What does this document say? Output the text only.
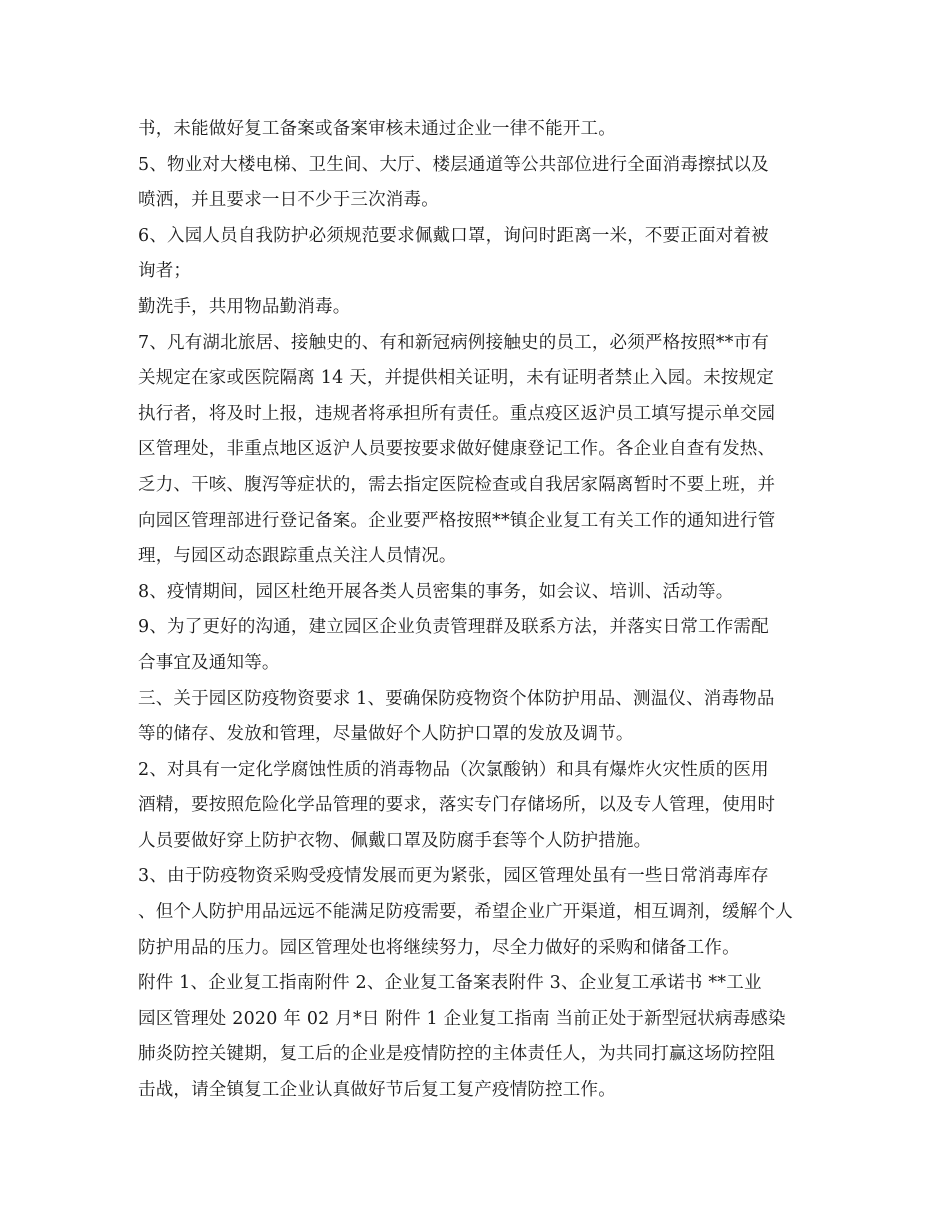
书，未能做好复工备案或备案审核未通过企业一律不能开工。
5、物业对大楼电梯、卫生间、大厅、楼层通道等公共部位进行全面消毒擦拭以及
喷洒，并且要求一日不少于三次消毒。
6、入园人员自我防护必须规范要求佩戴口罩，询问时距离一米，不要正面对着被
询者；
勤洗手，共用物品勤消毒。
7、凡有湖北旅居、接触史的、有和新冠病例接触史的员工，必须严格按照**市有
关规定在家或医院隔离 14 天，并提供相关证明，未有证明者禁止入园。未按规定
执行者，将及时上报，违规者将承担所有责任。重点疫区返沪员工填写提示单交园
区管理处，非重点地区返沪人员要按要求做好健康登记工作。各企业自查有发热、
乏力、干咳、腹泻等症状的，需去指定医院检查或自我居家隔离暂时不要上班，并
向园区管理部进行登记备案。企业要严格按照**镇企业复工有关工作的通知进行管
理，与园区动态跟踪重点关注人员情况。
8、疫情期间，园区杜绝开展各类人员密集的事务，如会议、培训、活动等。
9、为了更好的沟通，建立园区企业负责管理群及联系方法，并落实日常工作需配
合事宜及通知等。
三、关于园区防疫物资要求 1、要确保防疫物资个体防护用品、测温仪、消毒物品
等的储存、发放和管理，尽量做好个人防护口罩的发放及调节。
2、对具有一定化学腐蚀性质的消毒物品（次氯酸钠）和具有爆炸火灾性质的医用
酒精，要按照危险化学品管理的要求，落实专门存储场所，以及专人管理，使用时
人员要做好穿上防护衣物、佩戴口罩及防腐手套等个人防护措施。
3、由于防疫物资采购受疫情发展而更为紧张，园区管理处虽有一些日常消毒库存
、但个人防护用品远远不能满足防疫需要，希望企业广开渠道，相互调剂，缓解个人
防护用品的压力。园区管理处也将继续努力，尽全力做好的采购和储备工作。
附件 1、企业复工指南附件 2、企业复工备案表附件 3、企业复工承诺书 **工业
园区管理处 2020 年 02 月*日 附件 1 企业复工指南 当前正处于新型冠状病毒感染
肺炎防控关键期，复工后的企业是疫情防控的主体责任人，为共同打赢这场防控阻
击战，请全镇复工企业认真做好节后复工复产疫情防控工作。
